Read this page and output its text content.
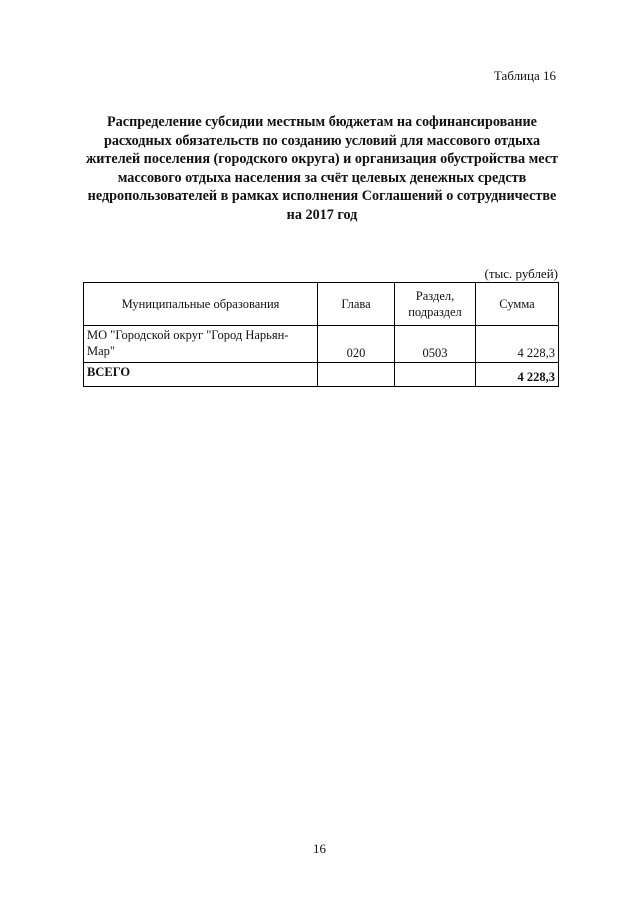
Таблица 16
Распределение субсидии местным бюджетам на софинансирование расходных обязательств по созданию условий для массового отдыха жителей поселения (городского округа) и организация обустройства мест массового отдыха населения за счёт целевых денежных средств недропользователей в рамках исполнения Соглашений о сотрудничестве на 2017 год
(тыс. рублей)
Муниципальные образования	Глава	Раздел, подраздел	Сумма
МО "Городской округ "Город Нарьян-Мар"	020	0503	4 228,3
ВСЕГО			4 228,3
16
